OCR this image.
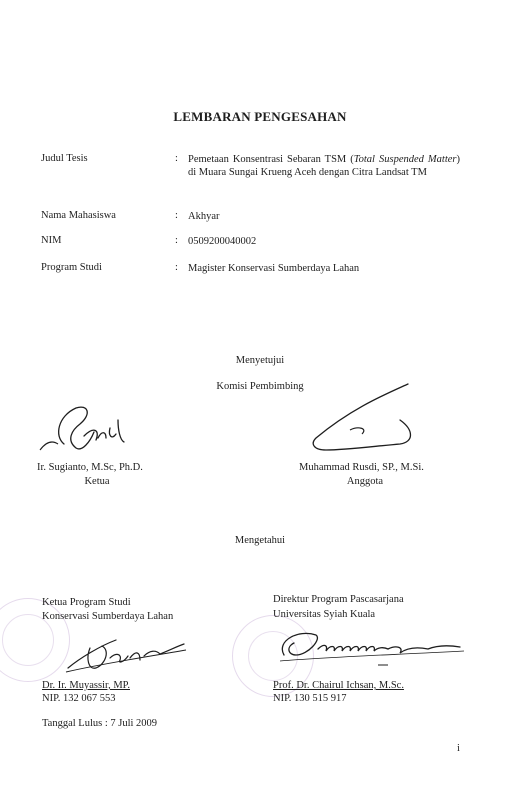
LEMBARAN PENGESAHAN
Judul Tesis	: Pemetaan Konsentrasi Sebaran TSM (Total Suspended Matter) di Muara Sungai Krueng Aceh dengan Citra Landsat TM
Nama Mahasiswa	: Akhyar
NIM	: 0509200040002
Program Studi	: Magister Konservasi Sumberdaya Lahan
Menyetujui
Komisi Pembimbing
Ir. Sugianto, M.Sc, Ph.D.
Ketua
Muhammad Rusdi, SP., M.Si.
Anggota
Mengetahui
Ketua Program Studi
Konservasi Sumberdaya Lahan
Dr. Ir. Muyassir, MP.
NIP. 132 067 553
Direktur Program Pascasarjana
Universitas Syiah Kuala
Prof. Dr. Chairul Ichsan, M.Sc.
NIP. 130 515 917
Tanggal Lulus : 7 Juli 2009
i
